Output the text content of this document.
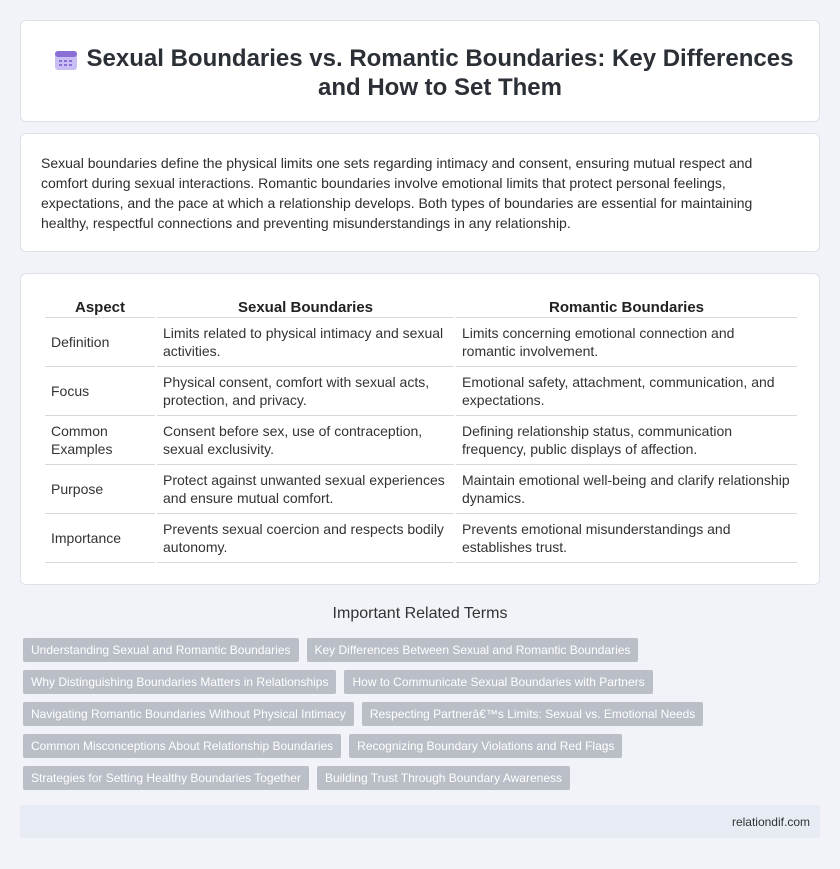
Sexual Boundaries vs. Romantic Boundaries: Key Differences and How to Set Them

Sexual boundaries define the physical limits one sets regarding intimacy and consent, ensuring mutual respect and comfort during sexual interactions. Romantic boundaries involve emotional limits that protect personal feelings, expectations, and the pace at which a relationship develops. Both types of boundaries are essential for maintaining healthy, respectful connections and preventing misunderstandings in any relationship.

Aspect	Sexual Boundaries	Romantic Boundaries
Definition	Limits related to physical intimacy and sexual activities.	Limits concerning emotional connection and romantic involvement.
Focus	Physical consent, comfort with sexual acts, protection, and privacy.	Emotional safety, attachment, communication, and expectations.
Common Examples	Consent before sex, use of contraception, sexual exclusivity.	Defining relationship status, communication frequency, public displays of affection.
Purpose	Protect against unwanted sexual experiences and ensure mutual comfort.	Maintain emotional well-being and clarify relationship dynamics.
Importance	Prevents sexual coercion and respects bodily autonomy.	Prevents emotional misunderstandings and establishes trust.
Important Related Terms
Understanding Sexual and Romantic Boundaries	Key Differences Between Sexual and Romantic Boundaries
Why Distinguishing Boundaries Matters in Relationships	How to Communicate Sexual Boundaries with Partners
Navigating Romantic Boundaries Without Physical Intimacy	Respecting Partnerâ€™s Limits: Sexual vs. Emotional Needs
Common Misconceptions About Relationship Boundaries	Recognizing Boundary Violations and Red Flags
Strategies for Setting Healthy Boundaries Together	Building Trust Through Boundary Awareness
relationdif.com
